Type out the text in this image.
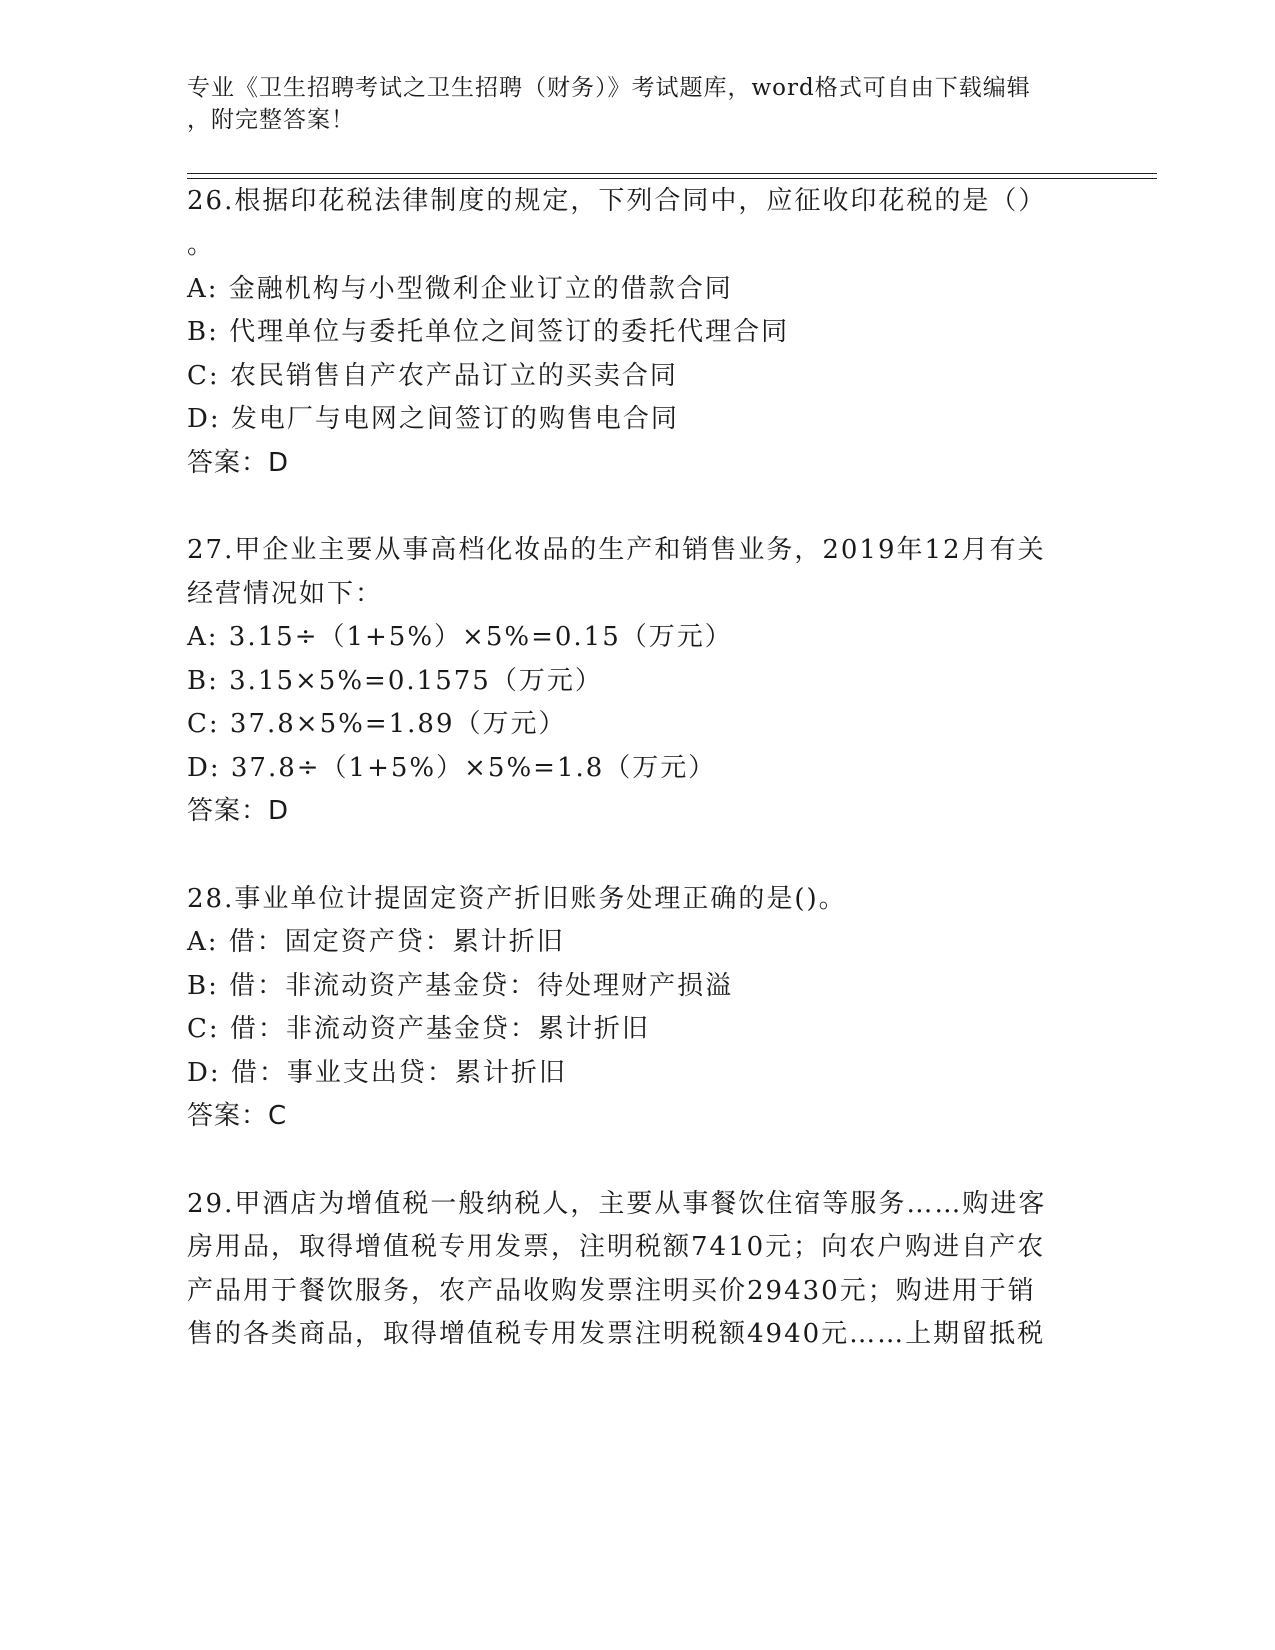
专业《卫生招聘考试之卫生招聘（财务）》考试题库，word格式可自由下载编辑
，附完整答案！
26.根据印花税法律制度的规定，下列合同中，应征收印花税的是（）
。
A: 金融机构与小型微利企业订立的借款合同
B: 代理单位与委托单位之间签订的委托代理合同
C: 农民销售自产农产品订立的买卖合同
D: 发电厂与电网之间签订的购售电合同
答案：D
27.甲企业主要从事高档化妆品的生产和销售业务，2019年12月有关
经营情况如下：
A: 3.15÷（1+5%）×5%=0.15（万元）
B: 3.15×5%=0.1575（万元）
C: 37.8×5%=1.89（万元）
D: 37.8÷（1+5%）×5%=1.8（万元）
答案：D
28.事业单位计提固定资产折旧账务处理正确的是()。
A: 借：固定资产贷：累计折旧
B: 借：非流动资产基金贷：待处理财产损溢
C: 借：非流动资产基金贷：累计折旧
D: 借：事业支出贷：累计折旧
答案：C
29.甲酒店为增值税一般纳税人，主要从事餐饮住宿等服务……购进客
房用品，取得增值税专用发票，注明税额7410元；向农户购进自产农
产品用于餐饮服务，农产品收购发票注明买价29430元；购进用于销
售的各类商品，取得增值税专用发票注明税额4940元……上期留抵税
